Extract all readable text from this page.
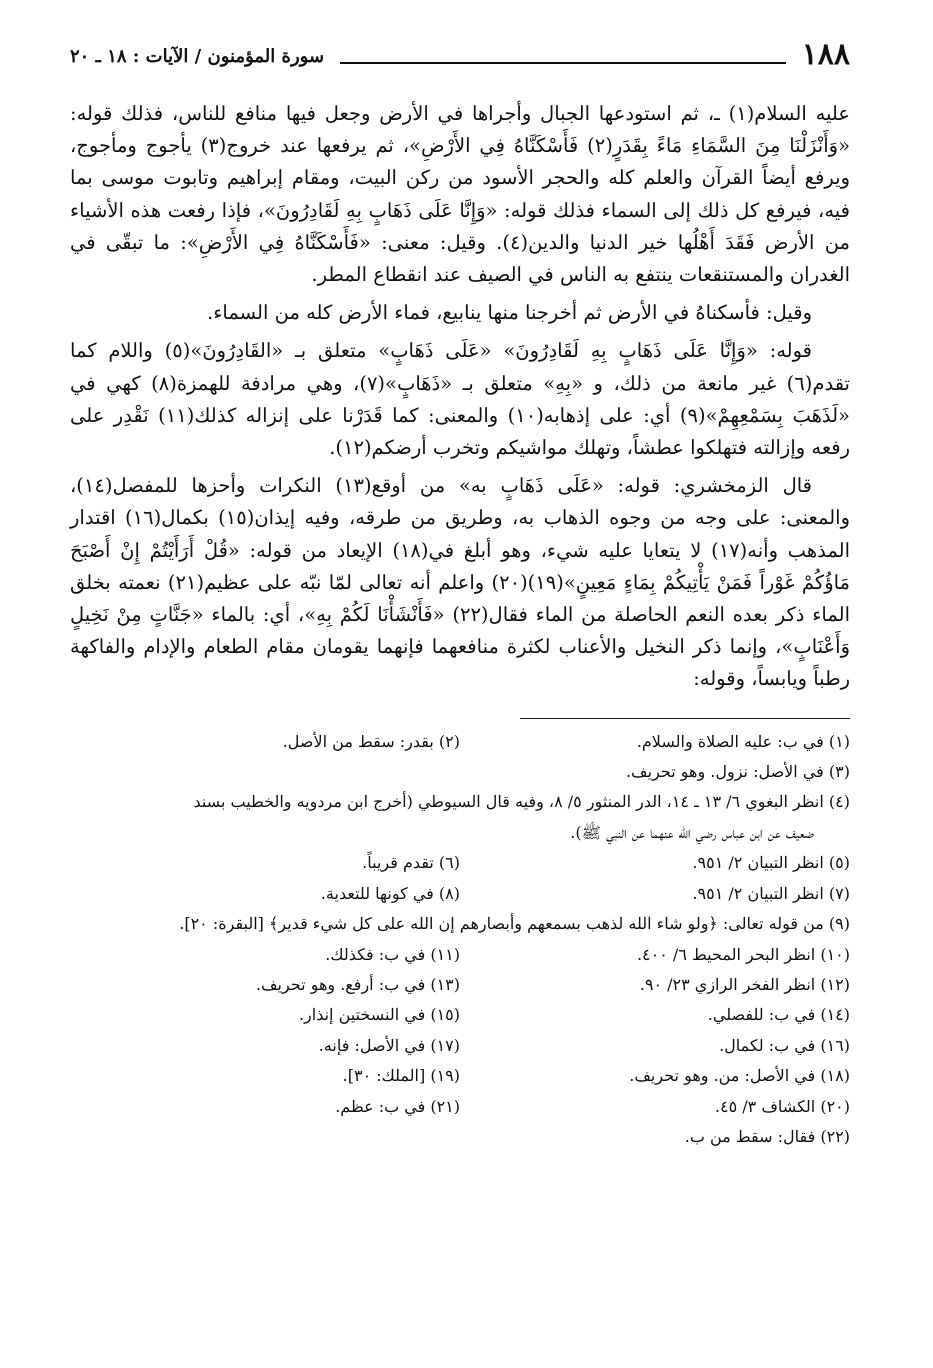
١٨٨
سورة المؤمنون / الآيات : ١٨ ـ ٢٠

عليه السلام(١) ـ، ثم استودعها الجبال وأجراها في الأرض وجعل فيها منافع للناس، فذلك قوله: «وَأَنْزَلْنَا مِنَ السَّمَاءِ مَاءً بِقَدَرٍ(٢) فَأَسْكَنَّاهُ فِي الأَرْضِ»، ثم يرفعها عند خروج(٣) يأجوج ومأجوج، ويرفع أيضاً القرآن والعلم كله والحجر الأسود من ركن البيت، ومقام إبراهيم وتابوت موسى بما فيه، فيرفع كل ذلك إلى السماء فذلك قوله: «وَإِنَّا عَلَى ذَهَابٍ بِهِ لَقَادِرُونَ»، فإذا رفعت هذه الأشياء من الأرض فَقَدَ أَهْلُها خير الدنيا والدين(٤). وقيل: معنى: «فَأَسْكَنَّاهُ فِي الأَرْضِ»: ما تبقّى في الغدران والمستنقعات ينتفع به الناس في الصيف عند انقطاع المطر.

وقيل: فأسكناهُ في الأرض ثم أخرجنا منها ينابيع، فماء الأرض كله من السماء.

قوله: «وَإِنَّا عَلَى ذَهَابٍ بِهِ لَقَادِرُونَ» «عَلَى ذَهَابٍ» متعلق بـ «القَادِرُونَ»(٥) واللام كما تقدم(٦) غير مانعة من ذلك، و «بِهِ» متعلق بـ «ذَهَابٍ»(٧)، وهي مرادفة للهمزة(٨) كهي في «لَذَهَبَ بِسَمْعِهِمْ»(٩) أي: على إذهابه(١٠) والمعنى: كما قَدَرْنا على إنزاله كذلك(١١) نَقْدِر على رفعه وإزالته فتهلكوا عطشاً، وتهلك مواشيكم وتخرب أرضكم(١٢).

قال الزمخشري: قوله: «عَلَى ذَهَابٍ به» من أوقع(١٣) النكرات وأحزها للمفصل(١٤)، والمعنى: على وجه من وجوه الذهاب به، وطريق من طرقه، وفيه إيذان(١٥) بكمال(١٦) اقتدار المذهب وأنه(١٧) لا يتعايا عليه شيء، وهو أبلغ في(١٨) الإيعاد من قوله: «قُلْ أَرَأَيْتُمْ إِنْ أَصْبَحَ مَاؤُكُمْ غَوْراً فَمَنْ يَأْتِيكُمْ بِمَاءٍ مَعِينٍ»(١٩)(٢٠) واعلم أنه تعالى لمّا نبّه على عظيم(٢١) نعمته بخلق الماء ذكر بعده النعم الحاصلة من الماء فقال(٢٢) «فَأَنْشَأْنَا لَكُمْ بِهِ»، أي: بالماء «جَنَّاتٍ مِنْ نَخِيلٍ وَأَعْنَابٍ»، وإنما ذكر النخيل والأعناب لكثرة منافعهما فإنهما يقومان مقام الطعام والإدام والفاكهة رطباً ويابساً، وقوله:

(١) في ب: عليه الصلاة والسلام.
(٢) بقدر: سقط من الأصل.
(٣) في الأصل: نزول. وهو تحريف.
(٤) انظر البغوي ٦/ ١٣ ـ ١٤، الدر المنثور ٥/ ٨، وفيه قال السيوطي (أخرج ابن مردويه والخطيب بسند
ضعيف عن ابن عباس رضي الله عنهما عن النبي ﷺ).
(٥) انظر التبيان ٢/ ٩٥١.
(٦) تقدم قريباً.
(٧) انظر التبيان ٢/ ٩٥١.
(٨) في كونها للتعدية.
(٩) من قوله تعالى: ﴿ولو شاء الله لذهب بسمعهم وأبصارهم إن الله على كل شيء قدير﴾ [البقرة: ٢٠].
(١٠) انظر البحر المحيط ٦/ ٤٠٠.
(١١) في ب: فكذلك.
(١٢) انظر الفخر الرازي ٢٣/ ٩٠.
(١٣) في ب: أرفع. وهو تحريف.
(١٤) في ب: للفصلي.
(١٥) في النسختين إنذار.
(١٦) في ب: لكمال.
(١٧) في الأصل: فإنه.
(١٨) في الأصل: من. وهو تحريف.
(١٩) [الملك: ٣٠].
(٢٠) الكشاف ٣/ ٤٥.
(٢١) في ب: عظم.
(٢٢) فقال: سقط من ب.
